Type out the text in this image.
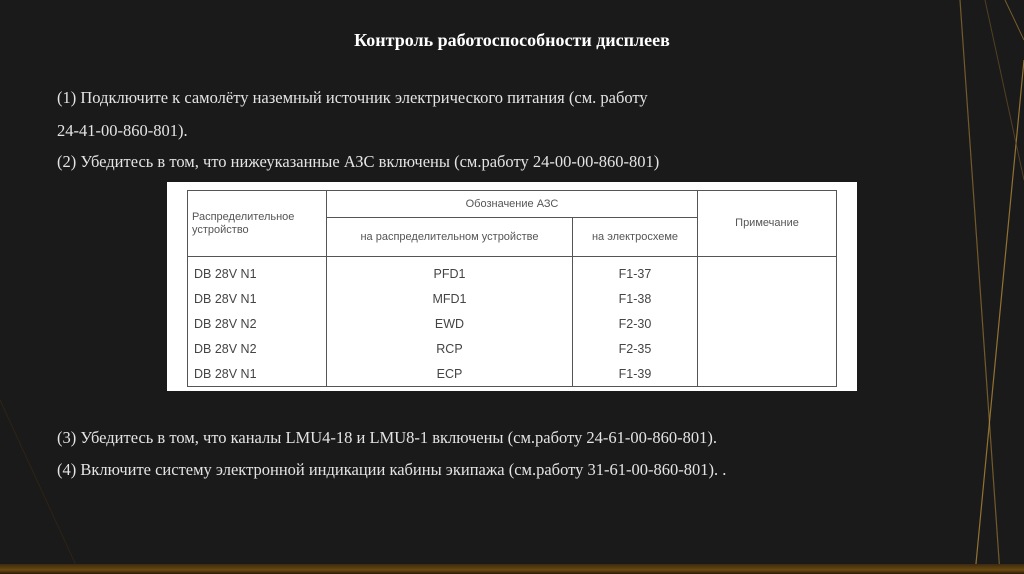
Контроль работоспособности дисплеев
(1) Подключите к самолёту наземный источник электрического питания (см. работу
24-41-00-860-801).
(2) Убедитесь в том, что нижеуказанные АЗС включены (см.работу 24-00-00-860-801)
Распределительное устройство	Обозначение АЗС		Примечание
	на распределительном устройстве	на электросхеме	
DB 28V N1	PFD1	F1-37	
DB 28V N1	MFD1	F1-38	
DB 28V N2	EWD	F2-30	
DB 28V N2	RCP	F2-35	
DB 28V N1	ECP	F1-39	
(3) Убедитесь в том, что каналы LMU4-18 и LMU8-1 включены (см.работу 24-61-00-860-801).
(4) Включите систему электронной индикации кабины экипажа (см.работу 31-61-00-860-801). .
